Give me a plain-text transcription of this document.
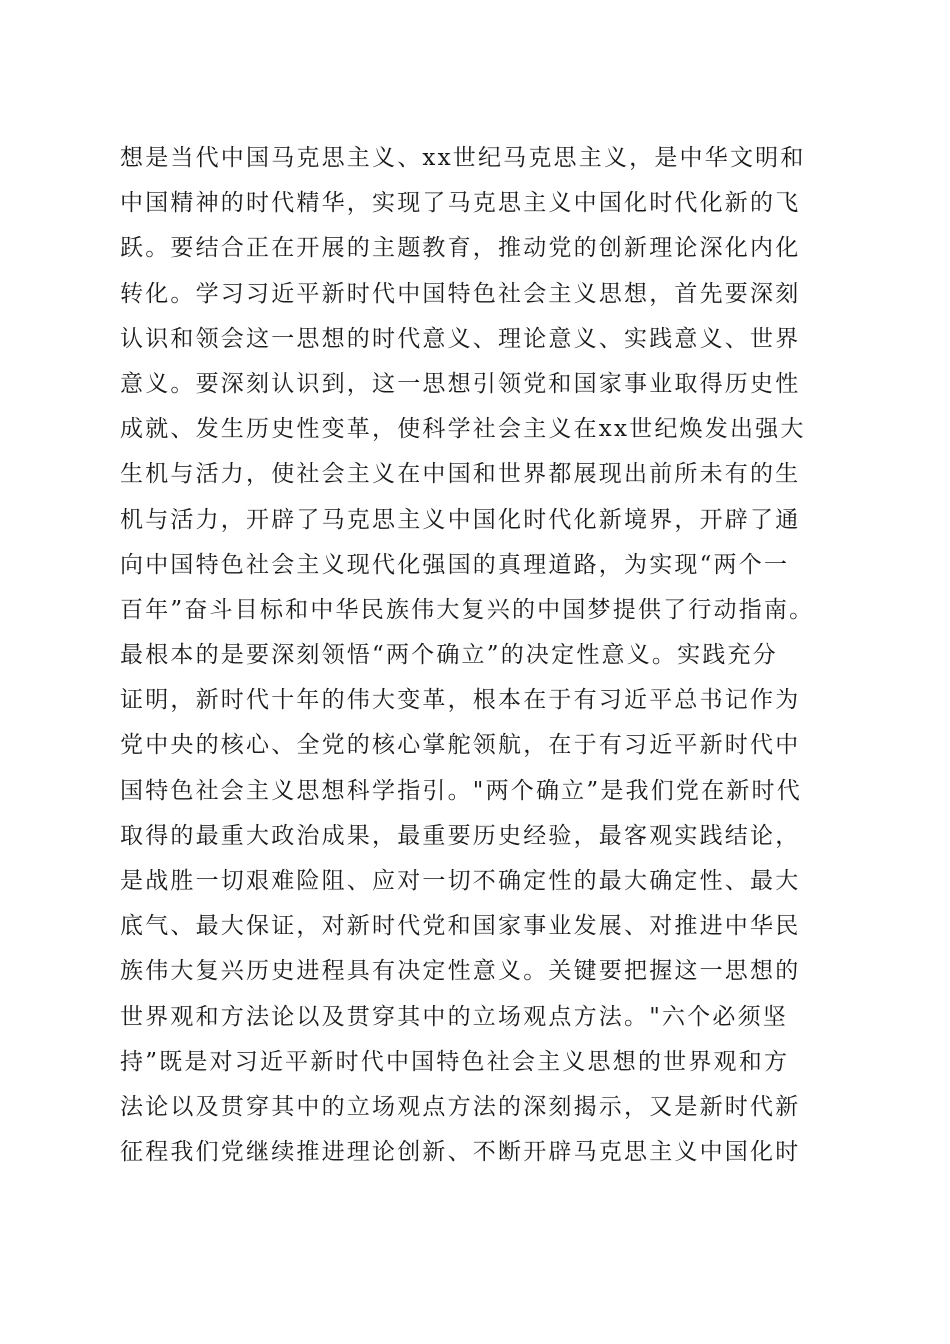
想是当代中国马克思主义、xx世纪马克思主义，是中华文明和
中国精神的时代精华，实现了马克思主义中国化时代化新的飞
跃。要结合正在开展的主题教育，推动党的创新理论深化内化
转化。学习习近平新时代中国特色社会主义思想，首先要深刻
认识和领会这一思想的时代意义、理论意义、实践意义、世界
意义。要深刻认识到，这一思想引领党和国家事业取得历史性
成就、发生历史性变革，使科学社会主义在xx世纪焕发出强大
生机与活力，使社会主义在中国和世界都展现出前所未有的生
机与活力，开辟了马克思主义中国化时代化新境界，开辟了通
向中国特色社会主义现代化强国的真理道路，为实现“两个一
百年”奋斗目标和中华民族伟大复兴的中国梦提供了行动指南。
最根本的是要深刻领悟“两个确立”的决定性意义。实践充分
证明，新时代十年的伟大变革，根本在于有习近平总书记作为
党中央的核心、全党的核心掌舵领航，在于有习近平新时代中
国特色社会主义思想科学指引。"两个确立”是我们党在新时代
取得的最重大政治成果，最重要历史经验，最客观实践结论，
是战胜一切艰难险阻、应对一切不确定性的最大确定性、最大
底气、最大保证，对新时代党和国家事业发展、对推进中华民
族伟大复兴历史进程具有决定性意义。关键要把握这一思想的
世界观和方法论以及贯穿其中的立场观点方法。"六个必须坚
持”既是对习近平新时代中国特色社会主义思想的世界观和方
法论以及贯穿其中的立场观点方法的深刻揭示，又是新时代新
征程我们党继续推进理论创新、不断开辟马克思主义中国化时
